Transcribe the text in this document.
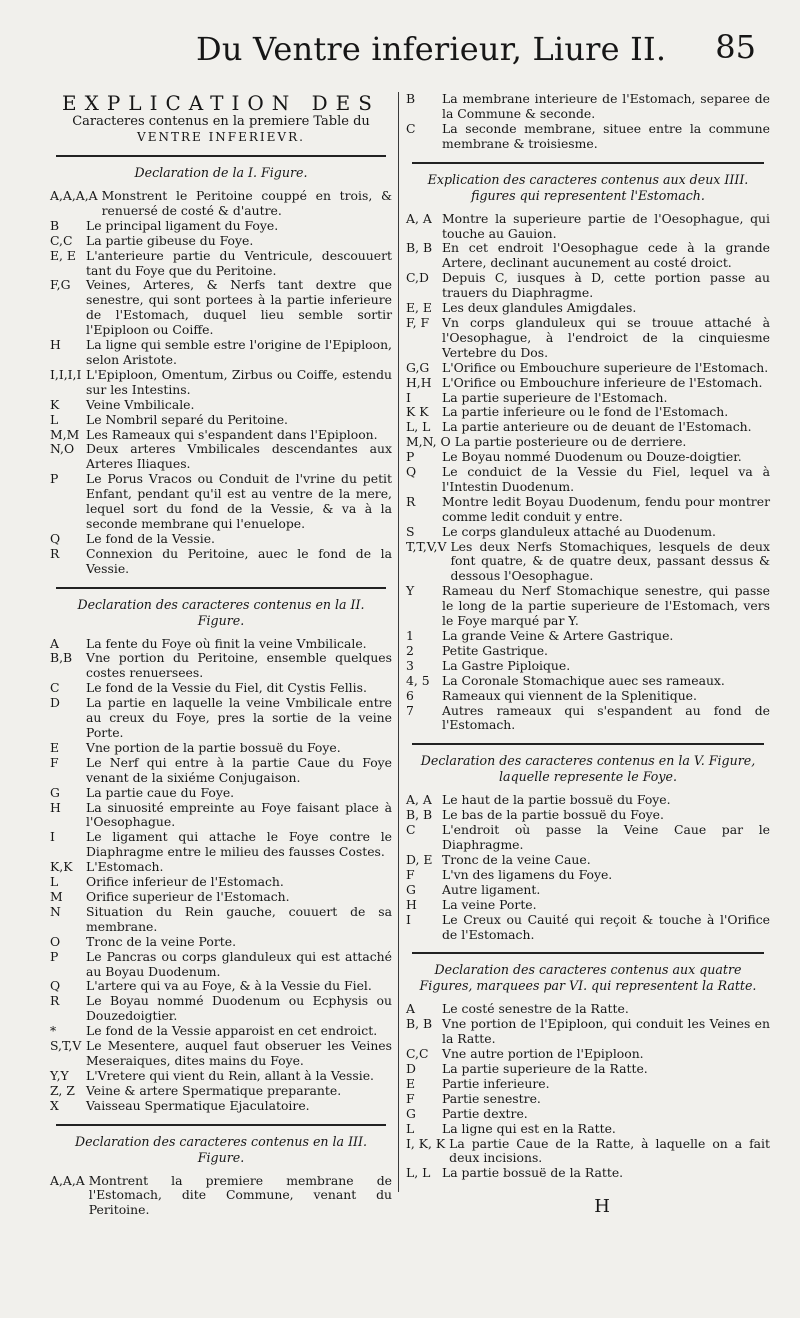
Du Ventre inferieur, Liure II. 85
EXPLICATION DES
Caracteres contenus en la premiere Table du
VENTRE INFERIEVR.
Declaration de la I. Figure.
A,A,A,A Monstrent le Peritoine couppé en trois, & renuersé de costé & d'autre.
B	Le principal ligament du Foye.
C,C	La partie gibeuse du Foye.
E, E L'anterieure partie du Ventricule, descouuert tant du Foye que du Peritoine.
F,G	Veines, Arteres, & Nerfs tant dextre que senestre, qui sont portees à la partie inferieure de l'Estomach, duquel lieu semble sortir l'Epiploon ou Coiffe.
H	La ligne qui semble estre l'origine de l'Epiploon, selon Aristote.
I,I,I,I L'Epiploon, Omentum, Zirbus ou Coiffe, estendu sur les Intestins.
K	Veine Vmbilicale.
L	Le Nombril separé du Peritoine.
M,M Les Rameaux qui s'espandent dans l'Epiploon.
N,O Deux arteres Vmbilicales descendantes aux Arteres Iliaques.
P	Le Porus Vracos ou Conduit de l'vrine du petit Enfant, pendant qu'il est au ventre de la mere, lequel sort du fond de la Vessie, & va à la seconde membrane qui l'enuelope.
Q	Le fond de la Vessie.
R	Connexion du Peritoine, auec le fond de la Vessie.
Declaration des caracteres contenus en la II. Figure.
A	La fente du Foye où finit la veine Vmbilicale.
B,B	Vne portion du Peritoine, ensemble quelques costes renuersees.
C	Le fond de la Vessie du Fiel, dit Cystis Fellis.
D	La partie en laquelle la veine Vmbilicale entre au creux du Foye, pres la sortie de la veine Porte.
E	Vne portion de la partie bossuë du Foye.
F	Le Nerf qui entre à la partie Caue du Foye venant de la sixiéme Conjugaison.
G	La partie caue du Foye.
H	La sinuosité empreinte au Foye faisant place à l'Oesophague.
I	Le ligament qui attache le Foye contre le Diaphragme entre le milieu des fausses Costes.
K,K	L'Estomach.
L	Orifice inferieur de l'Estomach.
M	Orifice superieur de l'Estomach.
N	Situation du Rein gauche, couuert de sa membrane.
O	Tronc de la veine Porte.
P	Le Pancras ou corps glanduleux qui est attaché au Boyau Duodenum.
Q	L'artere qui va au Foye, & à la Vessie du Fiel.
R	Le Boyau nommé Duodenum ou Ecphysis ou Douzedoigtier.
*	Le fond de la Vessie apparoist en cet endroict.
S,T,V Le Mesentere, auquel faut obseruer les Veines Meseraiques, dites mains du Foye.
Y,Y	L'Vretere qui vient du Rein, allant à la Vessie.
Z, Z Veine & artere Spermatique preparante.
X	Vaisseau Spermatique Ejaculatoire.
Declaration des caracteres contenus en la III. Figure.
A,A,A Montrent la premiere membrane de l'Estomach, dite Commune, venant du Peritoine.
B	La membrane interieure de l'Estomach, separee de la Commune & seconde.
C	La seconde membrane, situee entre la commune membrane & troisiesme.
Explication des caracteres contenus aux deux IIII. figures qui representent l'Estomach.
A, A Montre la superieure partie de l'Oesophague, qui touche au Gauion.
B, B En cet endroit l'Oesophague cede à la grande Artere, declinant aucunement au costé droict.
C,D	Depuis C, iusques à D, cette portion passe au trauers du Diaphragme.
E, E Les deux glandules Amigdales.
F, F	Vn corps glanduleux qui se trouue attaché à l'Oesophague, à l'endroict de la cinquiesme Vertebre du Dos.
G,G	L'Orifice ou Embouchure superieure de l'Estomach.
H,H L'Orifice ou Embouchure inferieure de l'Estomach.
I	La partie superieure de l'Estomach.
K K	La partie inferieure ou le fond de l'Estomach.
L, L La partie anterieure ou de deuant de l'Estomach.
M,N, O La partie posterieure ou de derriere.
P	Le Boyau nommé Duodenum ou Douze-doigtier.
Q	Le conduict de la Vessie du Fiel, lequel va à l'Intestin Duodenum.
R	Montre ledit Boyau Duodenum, fendu pour montrer comme ledit conduit y entre.
S	Le corps glanduleux attaché au Duodenum.
T,T,V,V Les deux Nerfs Stomachiques, lesquels de deux font quatre, & de quatre deux, passant dessus & dessous l'Oesophague.
Y	Rameau du Nerf Stomachique senestre, qui passe le long de la partie superieure de l'Estomach, vers le Foye marqué par Y.
1	La grande Veine & Artere Gastrique.
2	Petite Gastrique.
3	La Gastre Piploique.
4, 5 La Coronale Stomachique auec ses rameaux.
6	Rameaux qui viennent de la Splenitique.
7	Autres rameaux qui s'espandent au fond de l'Estomach.
Declaration des caracteres contenus en la V. Figure, laquelle represente le Foye.
A, A Le haut de la partie bossuë du Foye.
B, B Le bas de la partie bossuë du Foye.
C	L'endroit où passe la Veine Caue par le Diaphragme.
D, E Tronc de la veine Caue.
F	L'vn des ligamens du Foye.
G	Autre ligament.
H	La veine Porte.
I	Le Creux ou Cauité qui reçoit & touche à l'Orifice de l'Estomach.
Declaration des caracteres contenus aux quatre Figures, marquees par VI. qui representent la Ratte.
A	Le costé senestre de la Ratte.
B, B Vne portion de l'Epiploon, qui conduit les Veines en la Ratte.
C,C	Vne autre portion de l'Epiploon.
D	La partie superieure de la Ratte.
E	Partie inferieure.
F	Partie senestre.
G	Partie dextre.
L	La ligne qui est en la Ratte.
I, K, K La partie Caue de la Ratte, à laquelle on a fait deux incisions.
L, L La partie bossuë de la Ratte.
H
